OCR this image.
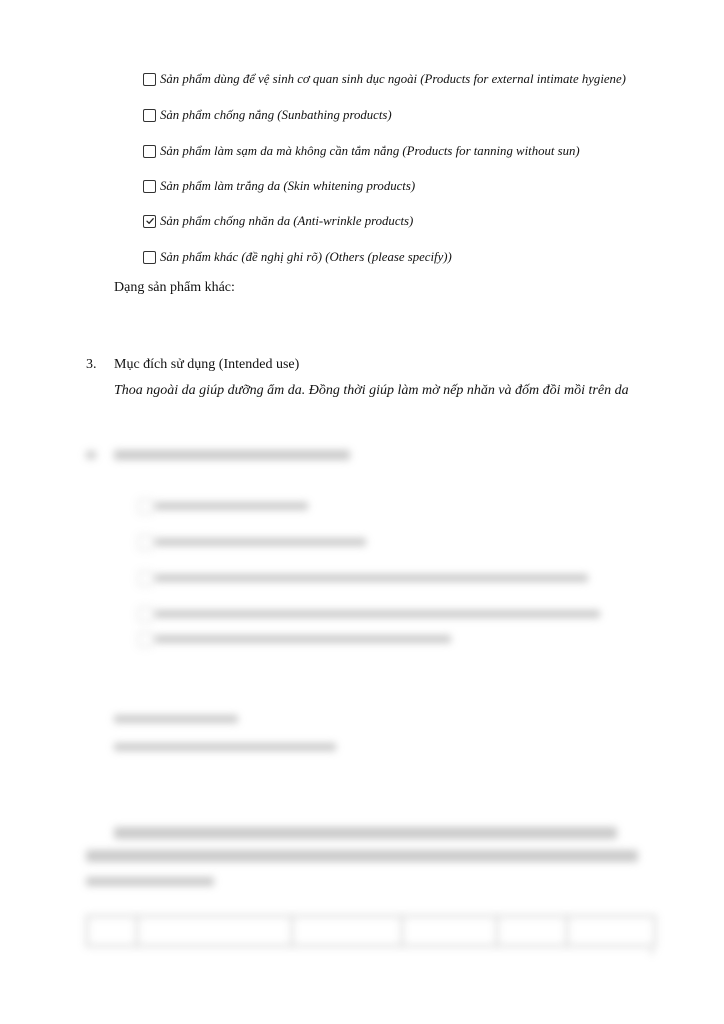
Sản phẩm dùng để vệ sinh cơ quan sinh dục ngoài (Products for external intimate hygiene)
Sản phẩm chống nắng (Sunbathing products)
Sản phẩm làm sạm da mà không cần tắm nắng (Products for tanning without sun)
Sản phẩm làm trắng da (Skin whitening products)
Sản phẩm chống nhăn da (Anti-wrinkle products)
Sản phẩm khác (đề nghị ghi rõ) (Others (please specify))
Dạng sản phẩm khác:
3. Mục đích sử dụng (Intended use)
Thoa ngoài da giúp dưỡng ẩm da. Đồng thời giúp làm mờ nếp nhăn và đốm đồi mồi trên da
